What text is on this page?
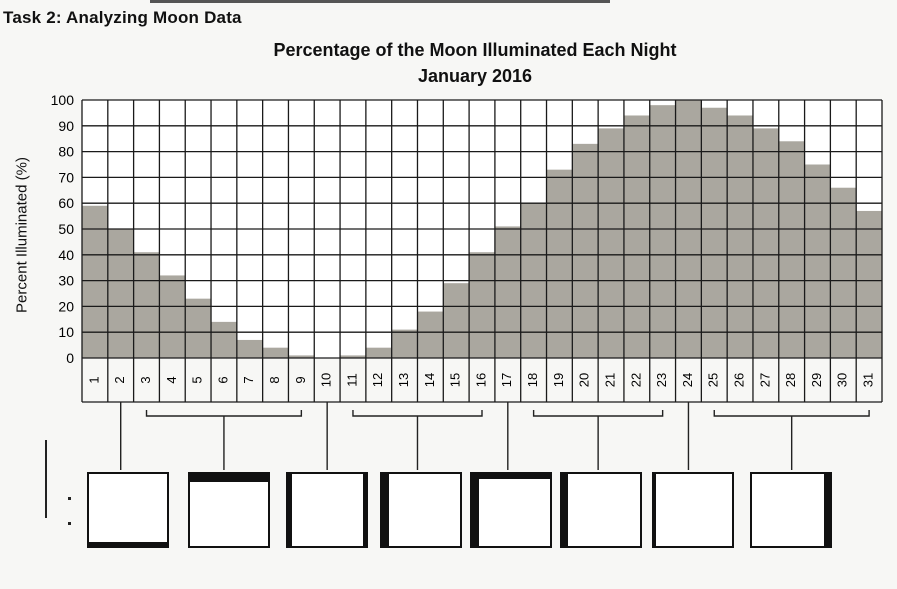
Task 2: Analyzing Moon Data
Percentage of the Moon Illuminated Each Night
January 2016
Percent Illuminated (%)
0
10
20
30
40
50
60
70
80
90
100
1 2 3 4 5 6 7 8 9 10 11 12 13 14 15 16 17 18 19 20 21 22 23 24 25 26 27 28 29 30 31
